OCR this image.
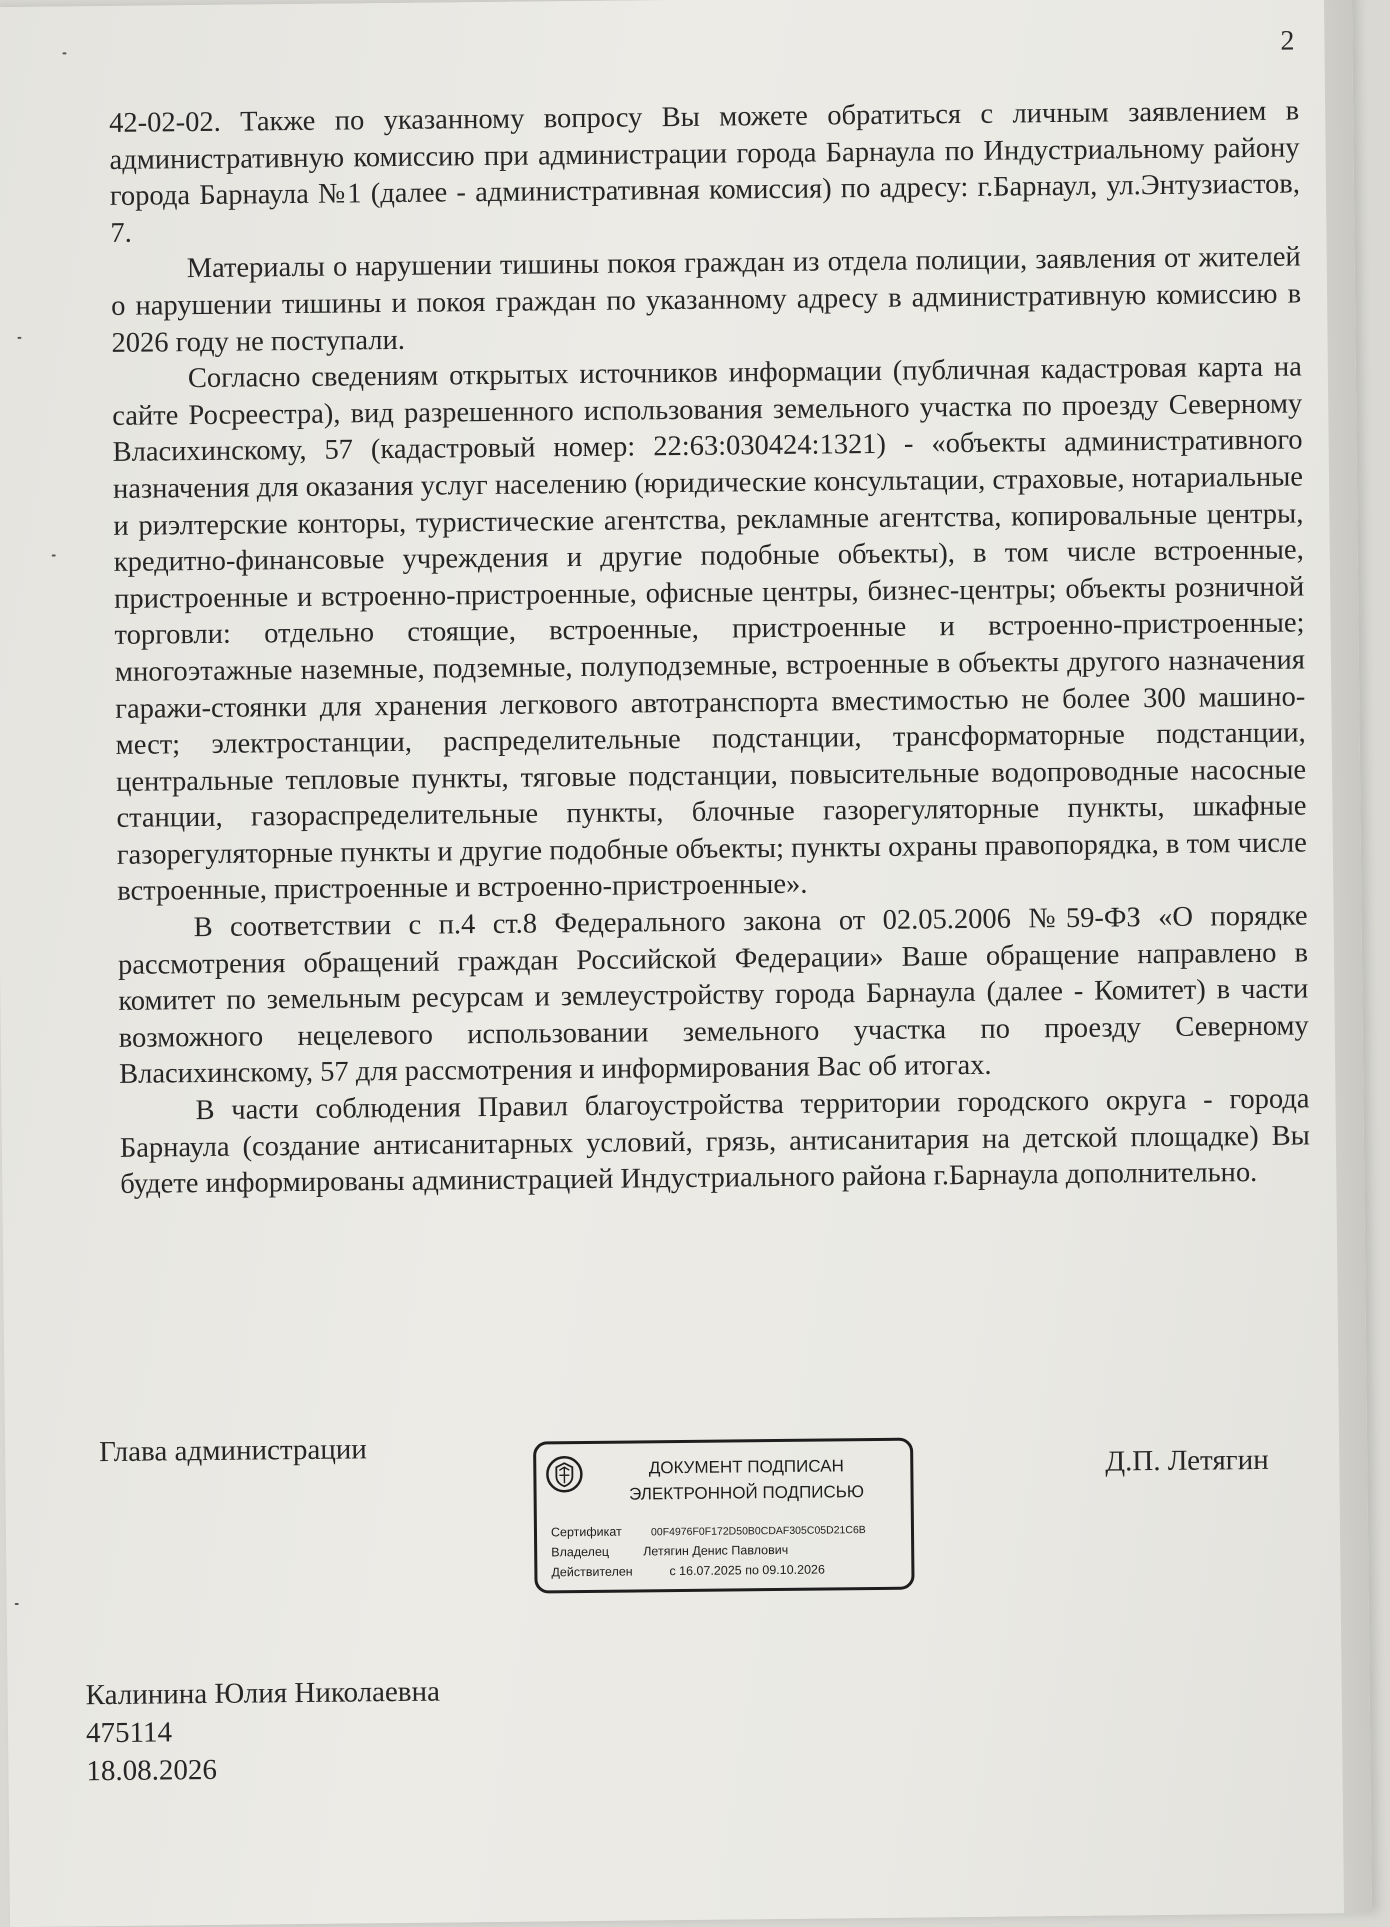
2

42-02-02. Также по указанному вопросу Вы можете обратиться с личным заявлением в административную комиссию при администрации города Барнаула по Индустриальному району города Барнаула №1 (далее - административная комиссия) по адресу: г.Барнаул, ул.Энтузиастов, 7.

Материалы о нарушении тишины покоя граждан из отдела полиции, заявления от жителей о нарушении тишины и покоя граждан по указанному адресу в административную комиссию в 2026 году не поступали.

Согласно сведениям открытых источников информации (публичная кадастровая карта на сайте Росреестра), вид разрешенного использования земельного участка по проезду Северному Власихинскому, 57 (кадастровый номер: 22:63:030424:1321) - «объекты административного назначения для оказания услуг населению (юридические консультации, страховые, нотариальные и риэлтерские конторы, туристические агентства, рекламные агентства, копировальные центры, кредитно-финансовые учреждения и другие подобные объекты), в том числе встроенные, пристроенные и встроенно-пристроенные, офисные центры, бизнес-центры; объекты розничной торговли: отдельно стоящие, встроенные, пристроенные и встроенно-пристроенные; многоэтажные наземные, подземные, полуподземные, встроенные в объекты другого назначения гаражи-стоянки для хранения легкового автотранспорта вместимостью не более 300 машино-мест; электростанции, распределительные подстанции, трансформаторные подстанции, центральные тепловые пункты, тяговые подстанции, повысительные водопроводные насосные станции, газораспределительные пункты, блочные газорегуляторные пункты, шкафные газорегуляторные пункты и другие подобные объекты; пункты охраны правопорядка, в том числе встроенные, пристроенные и встроенно-пристроенные».

В соответствии с п.4 ст.8 Федерального закона от 02.05.2006 №59-ФЗ «О порядке рассмотрения обращений граждан Российской Федерации» Ваше обращение направлено в комитет по земельным ресурсам и землеустройству города Барнаула (далее - Комитет) в части возможного нецелевого использовании земельного участка по проезду Северному Власихинскому, 57 для рассмотрения и информирования Вас об итогах.

В части соблюдения Правил благоустройства территории городского округа - города Барнаула (создание антисанитарных условий, грязь, антисанитария на детской площадке) Вы будете информированы администрацией Индустриального района г.Барнаула дополнительно.

Глава администрации	ДОКУМЕНТ ПОДПИСАН
ЭЛЕКТРОННОЙ ПОДПИСЬЮ
Сертификат	00F4976F0F172D50B0CDAF305C05D21C6B
Владелец	Летягин Денис Павлович
Действителен	с 16.07.2025 по 09.10.2026
Д.П. Летягин
Калинина Юлия Николаевна
475114
18.08.2026
